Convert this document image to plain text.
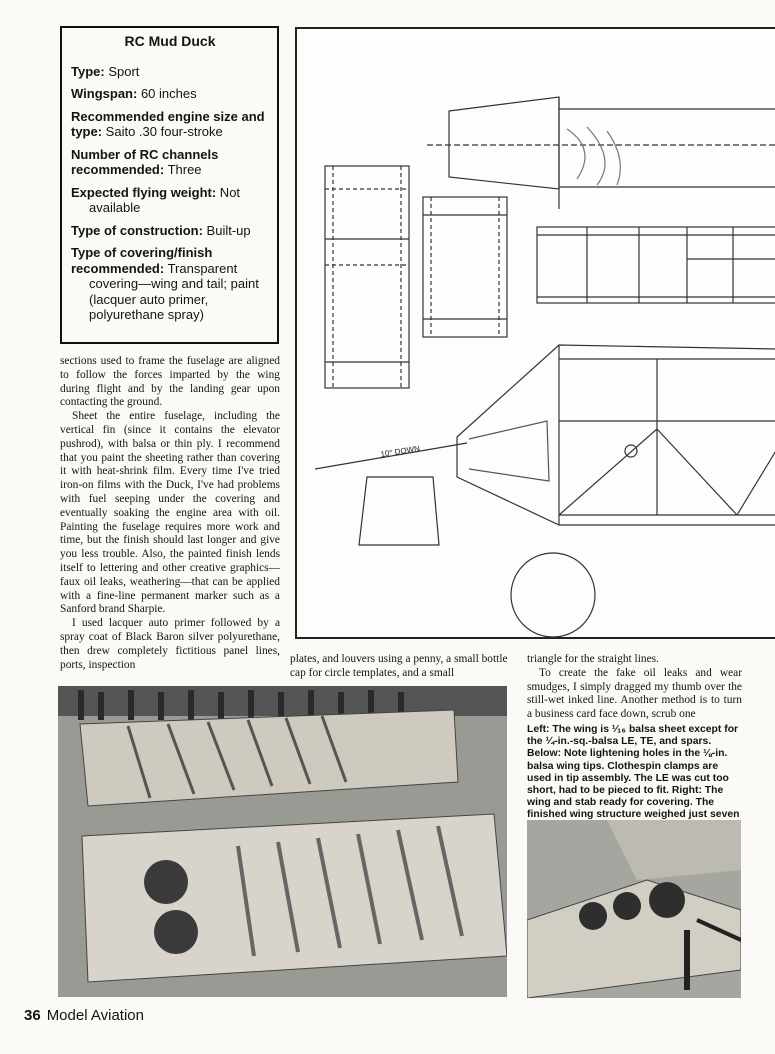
RC Mud Duck
Type: Sport
Wingspan: 60 inches
Recommended engine size and type: Saito .30 four-stroke
Number of RC channels recommended: Three
Expected flying weight: Not
available
Type of construction: Built-up
Type of covering/finish recommended: Transparent
covering—wing and tail; paint (lacquer auto primer, polyurethane spray)
10° DOWN

sections used to frame the fuselage are aligned to follow the forces imparted by the wing during flight and by the landing gear upon contacting the ground.

Sheet the entire fuselage, including the vertical fin (since it contains the elevator pushrod), with balsa or thin ply. I recommend that you paint the sheeting rather than covering it with heat-shrink film. Every time I've tried iron-on films with the Duck, I've had problems with fuel seeping under the covering and eventually soaking the engine area with oil. Painting the fuselage requires more work and time, but the finish should last longer and give you less trouble. Also, the painted finish lends itself to lettering and other creative graphics—faux oil leaks, weathering—that can be applied with a fine-line permanent marker such as a Sanford brand Sharpie.

I used lacquer auto primer followed by a spray coat of Black Baron silver polyurethane, then drew completely fictitious panel lines, ports, inspection	plates, and louvers using a penny, a small bottle cap for circle templates, and a small

triangle for the straight lines.

To create the fake oil leaks and wear smudges, I simply dragged my thumb over the still-wet inked line. Another method is to turn a business card face down, scrub one

Left: The wing is ¹⁄₁₆ balsa sheet except for the ¼-in.-sq.-balsa LE, TE, and spars. Below: Note lightening holes in the ⅛-in. balsa wing tips. Clothespin clamps are used in tip assembly. The LE was cut too short, had to be pieced to fit. Right: The wing and stab ready for covering. The finished wing structure weighed just seven
36 Model Aviation
